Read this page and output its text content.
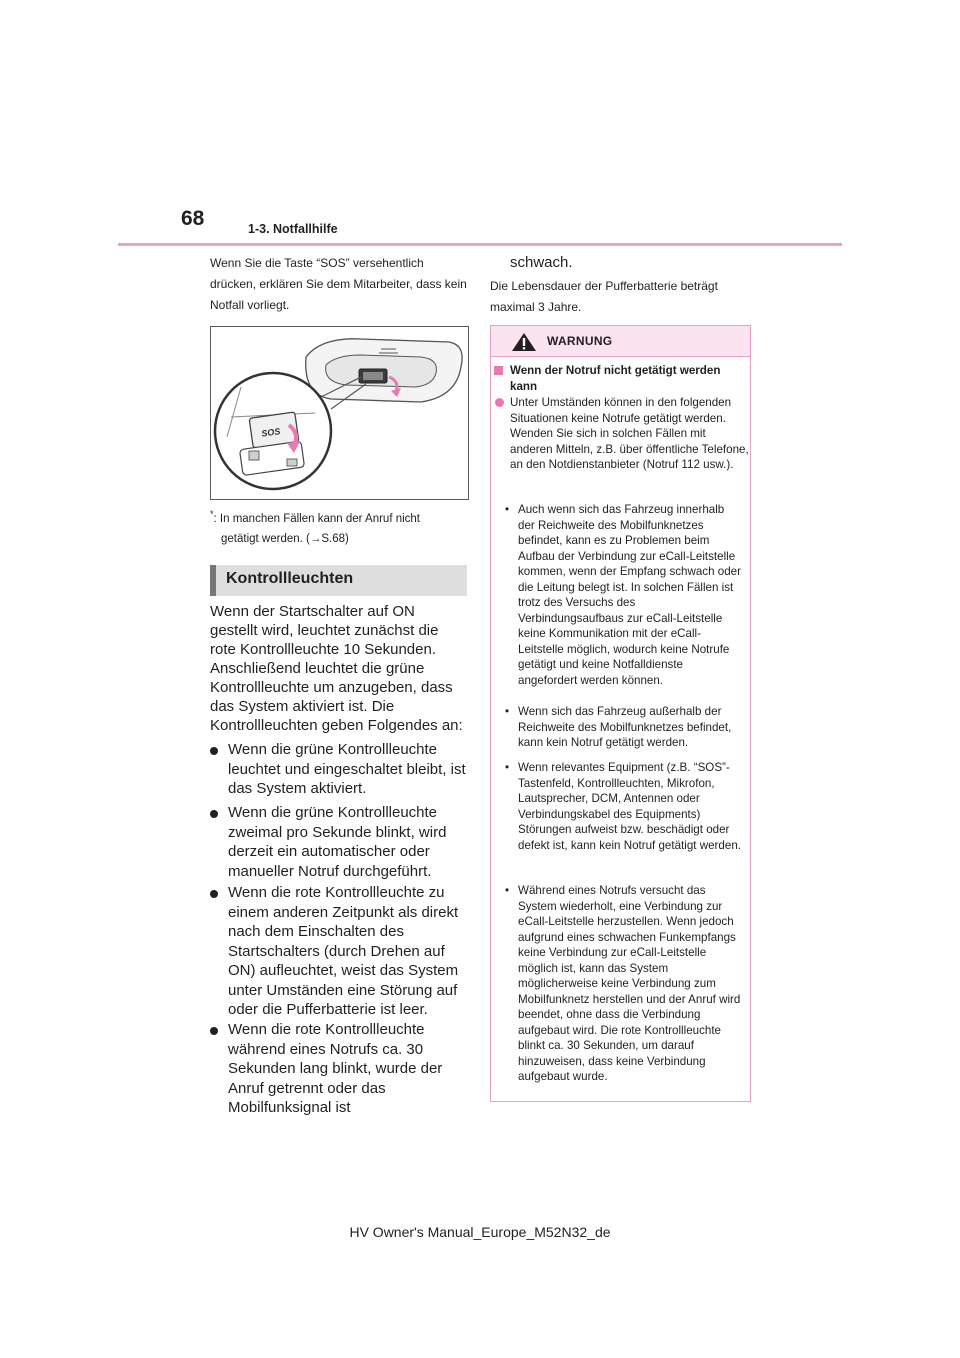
68	1-3. Notfallhilfe
Wenn Sie die Taste “SOS” versehentlich drücken, erklären Sie dem Mitarbeiter, dass kein Notfall vorliegt.
SOS
*: In manchen Fällen kann der Anruf nicht
getätigt werden. (→S.68)
Kontrollleuchten
Wenn der Startschalter auf ON gestellt wird, leuchtet zunächst die rote Kontrollleuchte 10 Sekunden. Anschließend leuchtet die grüne Kontrollleuchte um anzugeben, dass das System aktiviert ist. Die Kontrollleuchten geben Folgendes an:
Wenn die grüne Kontrollleuchte leuchtet und eingeschaltet bleibt, ist das System aktiviert.
Wenn die grüne Kontrollleuchte zweimal pro Sekunde blinkt, wird derzeit ein automatischer oder manueller Notruf durchgeführt.
Wenn die rote Kontrollleuchte zu einem anderen Zeitpunkt als direkt nach dem Einschalten des Startschalters (durch Drehen auf ON) aufleuchtet, weist das System unter Umständen eine Störung auf oder die Pufferbatterie ist leer.
Wenn die rote Kontrollleuchte während eines Notrufs ca. 30 Sekunden lang blinkt, wurde der Anruf getrennt oder das Mobilfunksignal ist
schwach.
Die Lebensdauer der Pufferbatterie beträgt maximal 3 Jahre.
WARNUNG
Wenn der Notruf nicht getätigt werden kann
Unter Umständen können in den folgenden Situationen keine Notrufe getätigt werden. Wenden Sie sich in solchen Fällen mit anderen Mitteln, z.B. über öffentliche Telefone, an den Notdienstanbieter (Notruf 112 usw.).
• Auch wenn sich das Fahrzeug innerhalb der Reichweite des Mobilfunknetzes befindet, kann es zu Problemen beim Aufbau der Verbindung zur eCall-Leitstelle kommen, wenn der Empfang schwach oder die Leitung belegt ist. In solchen Fällen ist trotz des Versuchs des Verbindungsaufbaus zur eCall-Leitstelle keine Kommunikation mit der eCall-Leitstelle möglich, wodurch keine Notrufe getätigt und keine Notfalldienste angefordert werden können.
• Wenn sich das Fahrzeug außerhalb der Reichweite des Mobilfunknetzes befindet, kann kein Notruf getätigt werden.
• Wenn relevantes Equipment (z.B. “SOS”-Tastenfeld, Kontrollleuchten, Mikrofon, Lautsprecher, DCM, Antennen oder Verbindungskabel des Equipments) Störungen aufweist bzw. beschädigt oder defekt ist, kann kein Notruf getätigt werden.
• Während eines Notrufs versucht das System wiederholt, eine Verbindung zur eCall-Leitstelle herzustellen. Wenn jedoch aufgrund eines schwachen Funkempfangs keine Verbindung zur eCall-Leitstelle möglich ist, kann das System möglicherweise keine Verbindung zum Mobilfunknetz herstellen und der Anruf wird beendet, ohne dass die Verbindung aufgebaut wird. Die rote Kontrollleuchte blinkt ca. 30 Sekunden, um darauf hinzuweisen, dass keine Verbindung aufgebaut wurde.
HV Owner's Manual_Europe_M52N32_de
